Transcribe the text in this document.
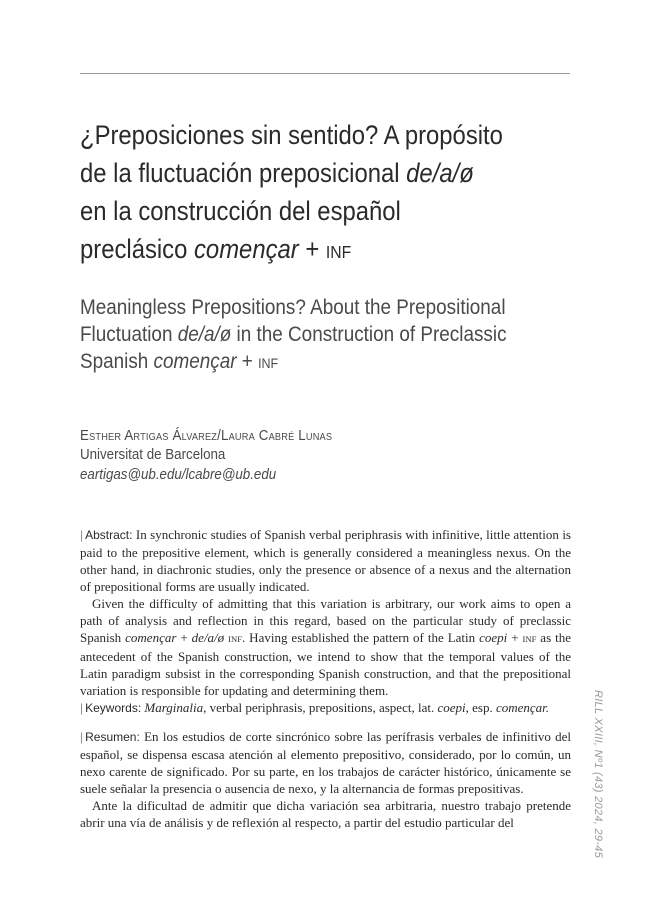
¿Preposiciones sin sentido? A propósito
de la fluctuación preposicional de/a/ø
en la construcción del español
preclásico començar + INF
Meaningless Prepositions? About the Prepositional
Fluctuation de/a/ø in the Construction of Preclassic
Spanish començar + INF
Esther Artigas Álvarez/Laura Cabré Lunas
Universitat de Barcelona
eartigas@ub.edu/lcabre@ub.edu

| Abstract: In synchronic studies of Spanish verbal periphrasis with infinitive, little attention is paid to the prepositive element, which is generally considered a meaningless nexus. On the other hand, in diachronic studies, only the presence or absence of a nexus and the alternation of prepositional forms are usually indicated.

Given the difficulty of admitting that this variation is arbitrary, our work aims to open a path of analysis and reflection in this regard, based on the particular study of preclassic Spanish començar + de/a/ø INF. Having established the pattern of the Latin coepi + INF as the antecedent of the Spanish construction, we intend to show that the temporal values of the Latin paradigm subsist in the corresponding Spanish construction, and that the prepositional variation is responsible for updating and determining them.

| Keywords: Marginalia, verbal periphrasis, prepositions, aspect, lat. coepi, esp. començar.

| Resumen: En los estudios de corte sincrónico sobre las perífrasis verbales de infinitivo del español, se dispensa escasa atención al elemento prepositivo, considerado, por lo común, un nexo carente de significado. Por su parte, en los trabajos de carácter histórico, únicamente se suele señalar la presencia o ausencia de nexo, y la alternancia de formas prepositivas.

Ante la dificultad de admitir que dicha variación sea arbitraria, nuestro trabajo pretende abrir una vía de análisis y de reflexión al respecto, a partir del estudio particular del	RILL XXIII, Nº1 (43) 2024, 29-45
